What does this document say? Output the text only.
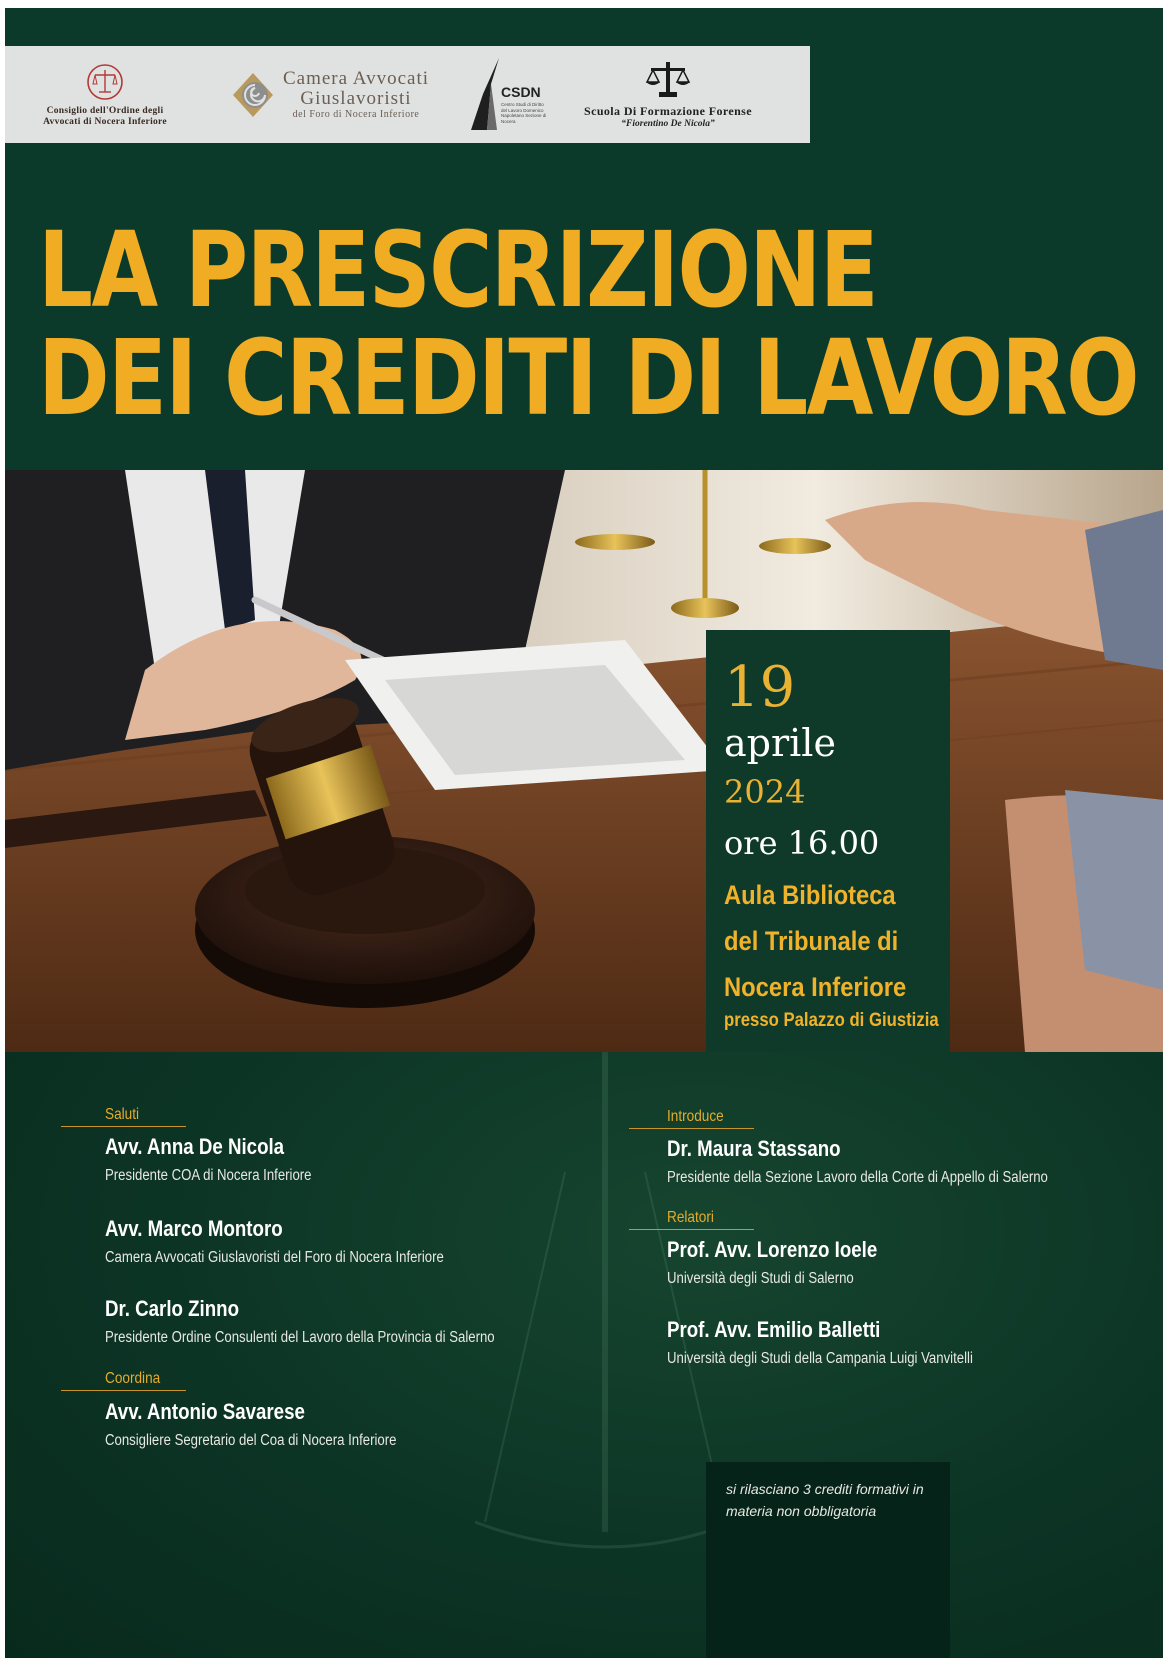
Consiglio dell'Ordine degli
Avvocati di Nocera Inferiore
Camera Avvocati
Giuslavoristi
del Foro di Nocera Inferiore
CSDN
Centro Studi di Diritto del Lavoro Domenico Napoletano Sezione di Nocera
Scuola Di Formazione Forense
“Fiorentino De Nicola”
LA PRESCRIZIONE
DEI CREDITI DI LAVORO
19
aprile
2024
ore 16.00
Aula Biblioteca
del Tribunale di
Nocera Inferiore
presso Palazzo di Giustizia
Saluti
Avv. Anna De Nicola
Presidente COA di Nocera Inferiore
Avv. Marco Montoro
Camera Avvocati Giuslavoristi del Foro di Nocera Inferiore
Dr. Carlo Zinno
Presidente Ordine Consulenti del Lavoro della Provincia di Salerno
Coordina
Avv. Antonio Savarese
Consigliere Segretario del Coa di Nocera Inferiore
Introduce
Dr. Maura Stassano
Presidente della Sezione Lavoro della Corte di Appello di Salerno
Relatori
Prof. Avv. Lorenzo Ioele
Università degli Studi di Salerno
Prof. Avv. Emilio Balletti
Università degli Studi della Campania Luigi Vanvitelli
si rilasciano 3 crediti formativi in
materia non obbligatoria
